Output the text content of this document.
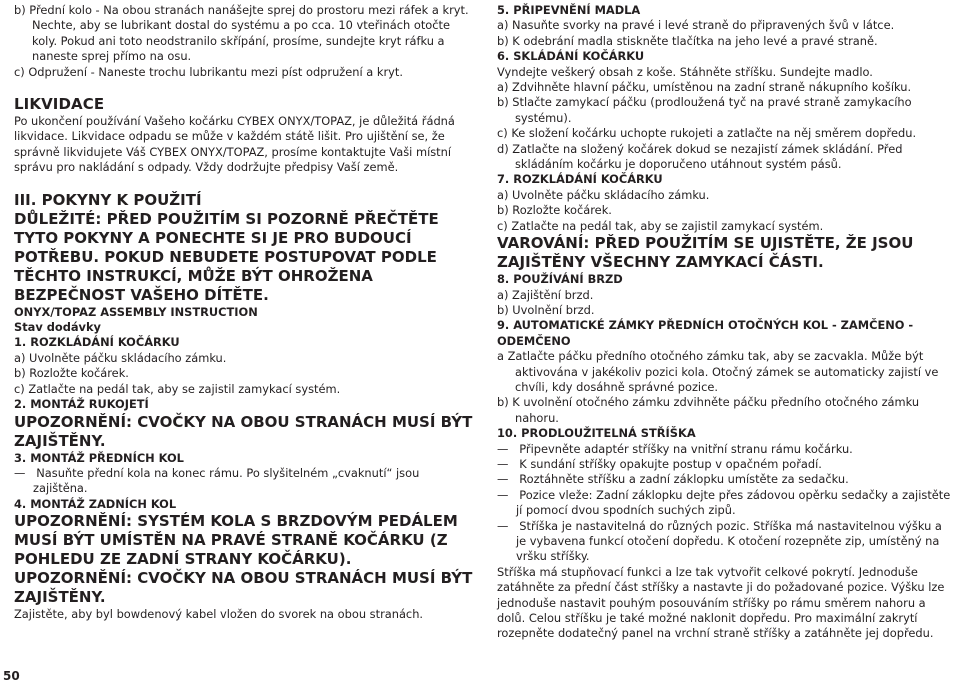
b) Přední kolo - Na obou stranách nanášejte sprej do prostoru mezi ráfek a kryt. Nechte, aby se lubrikant dostal do systému a po cca. 10 vteřinách otočte koly. Pokud ani toto neodstranilo skřípání, prosíme, sundejte kryt ráfku a naneste sprej přímo na osu.

c) Odpružení - Naneste trochu lubrikantu mezi píst odpružení a kryt.

LIKVIDACE

Po ukončení používání Vašeho kočárku CYBEX ONYX/TOPAZ, je důležitá řádná likvidace. Likvidace odpadu se může v každém státě lišit. Pro ujištění se, že správně likvidujete Váš CYBEX ONYX/TOPAZ, prosíme kontaktujte Vaši místní správu pro nakládání s odpady. Vždy dodržujte předpisy Vaší země.

III. POKYNY K POUŽITÍ

DŮLEŽITÉ: PŘED POUŽITÍM SI POZORNĚ PŘEČTĚTE TYTO POKYNY A PONECHTE SI JE PRO BUDOUCÍ POTŘEBU. POKUD NEBUDETE POSTUPOVAT PODLE TĚCHTO INSTRUKCÍ, MŮŽE BÝT OHROŽENA BEZPEČNOST VAŠEHO DÍTĚTE.

ONYX/TOPAZ ASSEMBLY INSTRUCTION

Stav dodávky

1. ROZKLÁDÁNÍ KOČÁRKU

a) Uvolněte páčku skládacího zámku.

b) Rozložte kočárek.

c) Zatlačte na pedál tak, aby se zajistil zamykací systém.

2. MONTÁŽ RUKOJETÍ

UPOZORNĚNÍ: CVOČKY NA OBOU STRANÁCH MUSÍ BÝT ZAJIŠTĚNY.

3. MONTÁŽ PŘEDNÍCH KOL

— Nasuňte přední kola na konec rámu. Po slyšitelném „cvaknutí“ jsou zajištěna.

4. MONTÁŽ ZADNÍCH KOL

UPOZORNĚNÍ: SYSTÉM KOLA S BRZDOVÝM PEDÁLEM MUSÍ BÝT UMÍSTĚN NA PRAVÉ STRANĚ KOČÁRKU (Z POHLEDU ZE ZADNÍ STRANY KOČÁRKU).

UPOZORNĚNÍ: CVOČKY NA OBOU STRANÁCH MUSÍ BÝT ZAJIŠTĚNY.

Zajistěte, aby byl bowdenový kabel vložen do svorek na obou stranách.

5. PŘIPEVNĚNÍ MADLA

a) Nasuňte svorky na pravé i levé straně do připravených švů v látce.

b) K odebrání madla stiskněte tlačítka na jeho levé a pravé straně.

6. SKLÁDÁNÍ KOČÁRKU

Vyndejte veškerý obsah z koše. Stáhněte stříšku. Sundejte madlo.

a) Zdvihněte hlavní páčku, umístěnou na zadní straně nákupního košíku.

b) Stlačte zamykací páčku (prodloužená tyč na pravé straně zamykacího systému).

c) Ke složení kočárku uchopte rukojeti a zatlačte na něj směrem dopředu.

d) Zatlačte na složený kočárek dokud se nezajistí zámek skládání. Před skládáním kočárku je doporučeno utáhnout systém pásů.

7. ROZKLÁDÁNÍ KOČÁRKU

a) Uvolněte páčku skládacího zámku.

b) Rozložte kočárek.

c) Zatlačte na pedál tak, aby se zajistil zamykací systém.

VAROVÁNÍ: PŘED POUŽITÍM SE UJISTĚTE, ŽE JSOU ZAJIŠTĚNY VŠECHNY ZAMYKACÍ ČÁSTI.

8. POUŽÍVÁNÍ BRZD

a) Zajištění brzd.

b) Uvolnění brzd.

9. AUTOMATICKÉ ZÁMKY PŘEDNÍCH OTOČNÝCH KOL - ZAMČENO - ODEMČENO

a Zatlačte páčku předního otočného zámku tak, aby se zacvakla. Může být aktivována v jakékoliv pozici kola. Otočný zámek se automaticky zajistí ve chvíli, kdy dosáhně správné pozice.

b) K uvolnění otočného zámku zdvihněte páčku předního otočného zámku nahoru.

10. PRODLOUŽITELNÁ STŘÍŠKA

— Připevněte adaptér stříšky na vnitřní stranu rámu kočárku.

— K sundání stříšky opakujte postup v opačném pořadí.

— Roztáhněte stříšku a zadní záklopku umístěte za sedačku.

— Pozice vleže: Zadní záklopku dejte přes zádovou opěrku sedačky a zajistěte jí pomocí dvou spodních suchých zipů.

— Stříška je nastavitelná do různých pozic. Stříška má nastavitelnou výšku a je vybavena funkcí otočení dopředu. K otočení rozepněte zip, umístěný na vršku stříšky.

Stříška má stupňovací funkci a lze tak vytvořit celkové pokrytí. Jednoduše zatáhněte za přední část stříšky a nastavte ji do požadované pozice. Výšku lze jednoduše nastavit pouhým posouváním stříšky po rámu směrem nahoru a dolů. Celou stříšku je také možné naklonit dopředu. Pro maximální zakrytí rozepněte dodatečný panel na vrchní straně stříšky a zatáhněte jej dopředu.

50
